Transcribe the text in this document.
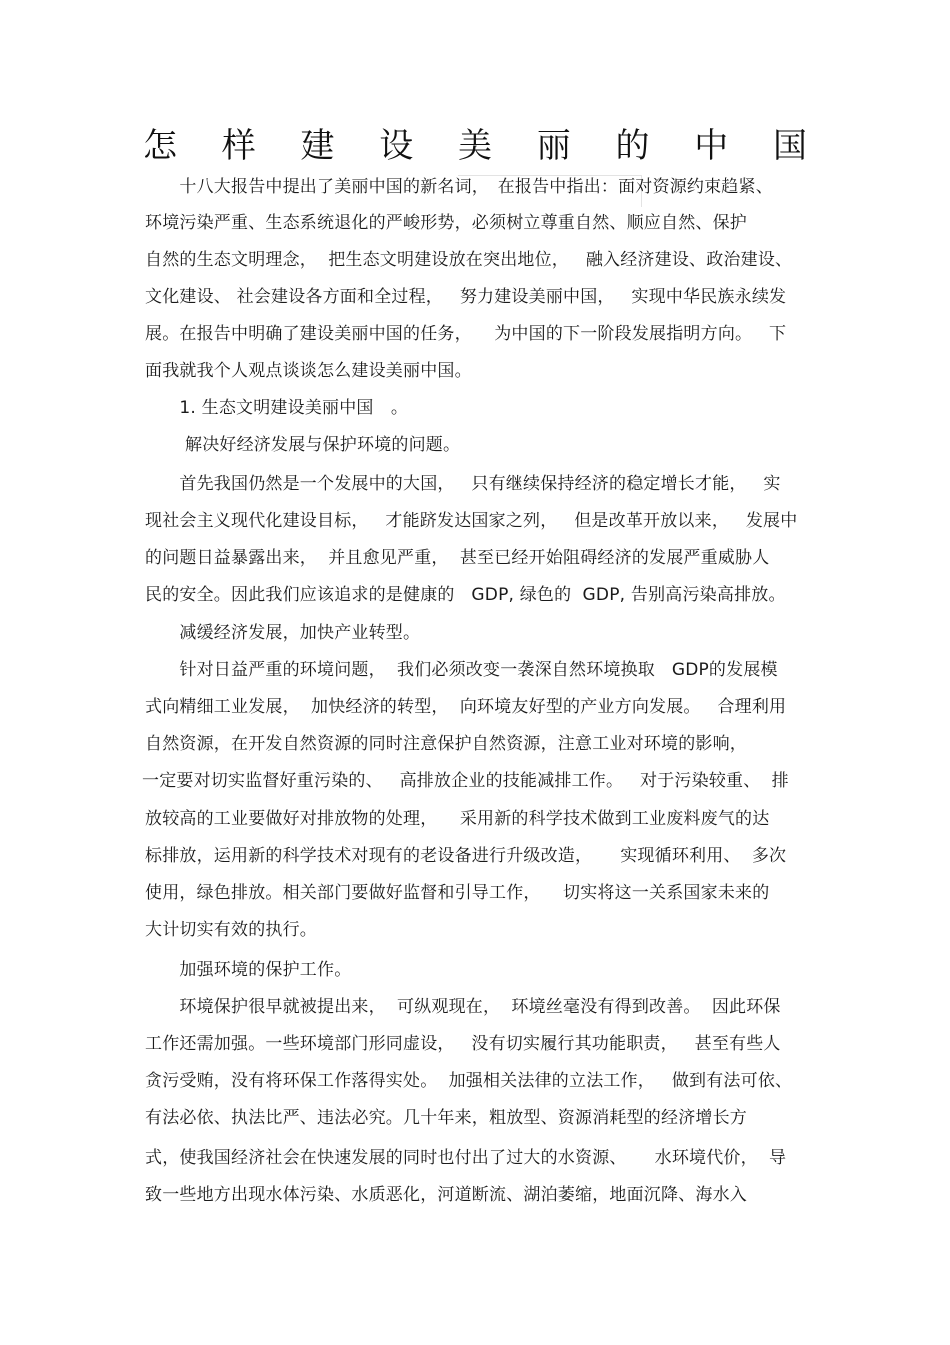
怎 样 建 设 美 丽 的 中 国
　　十八大报告中提出了美丽中国的新名词，　在报告中指出：面对资源约束趋紧、
环境污染严重、生态系统退化的严峻形势，必须树立尊重自然、顺应自然、保护
自然的生态文明理念，  把生态文明建设放在突出地位，   融入经济建设、政治建设、
文化建设、 社会建设各方面和全过程，   努力建设美丽中国，   实现中华民族永续发
展。在报告中明确了建设美丽中国的任务，    为中国的下一阶段发展指明方向。   下
面我就我个人观点谈谈怎么建设美丽中国。
　　1. 生态文明建设美丽中国　。
　　 解决好经济发展与保护环境的问题。
　　首先我国仍然是一个发展中的大国，   只有继续保持经济的稳定增长才能，   实
现社会主义现代化建设目标，   才能跻发达国家之列，   但是改革开放以来，   发展中
的问题日益暴露出来，  并且愈见严重，  甚至已经开始阻碍经济的发展严重威胁人
民的安全。因此我们应该追求的是健康的   GDP, 绿色的  GDP, 告别高污染高排放。
　　减缓经济发展，加快产业转型。
　　针对日益严重的环境问题，  我们必须改变一袭深自然环境换取   GDP的发展模
式向精细工业发展，  加快经济的转型，  向环境友好型的产业方向发展。   合理利用
自然资源，在开发自然资源的同时注意保护自然资源，注意工业对环境的影响，
一定要对切实监督好重污染的、   高排放企业的技能减排工作。   对于污染较重、  排
放较高的工业要做好对排放物的处理，    采用新的科学技术做到工业废料废气的达
标排放，运用新的科学技术对现有的老设备进行升级改造，     实现循环利用、  多次
使用，绿色排放。相关部门要做好监督和引导工作，    切实将这一关系国家未来的
大计切实有效的执行。
　　加强环境的保护工作。
　　环境保护很早就被提出来，  可纵观现在，  环境丝毫没有得到改善。  因此环保
工作还需加强。一些环境部门形同虚设，   没有切实履行其功能职责，   甚至有些人
贪污受贿，没有将环保工作落得实处。  加强相关法律的立法工作，   做到有法可依、
有法必依、执法比严、违法必究。几十年来，粗放型、资源消耗型的经济增长方
式，使我国经济社会在快速发展的同时也付出了过大的水资源、     水环境代价，  导
致一些地方出现水体污染、水质恶化，河道断流、湖泊萎缩，地面沉降、海水入
